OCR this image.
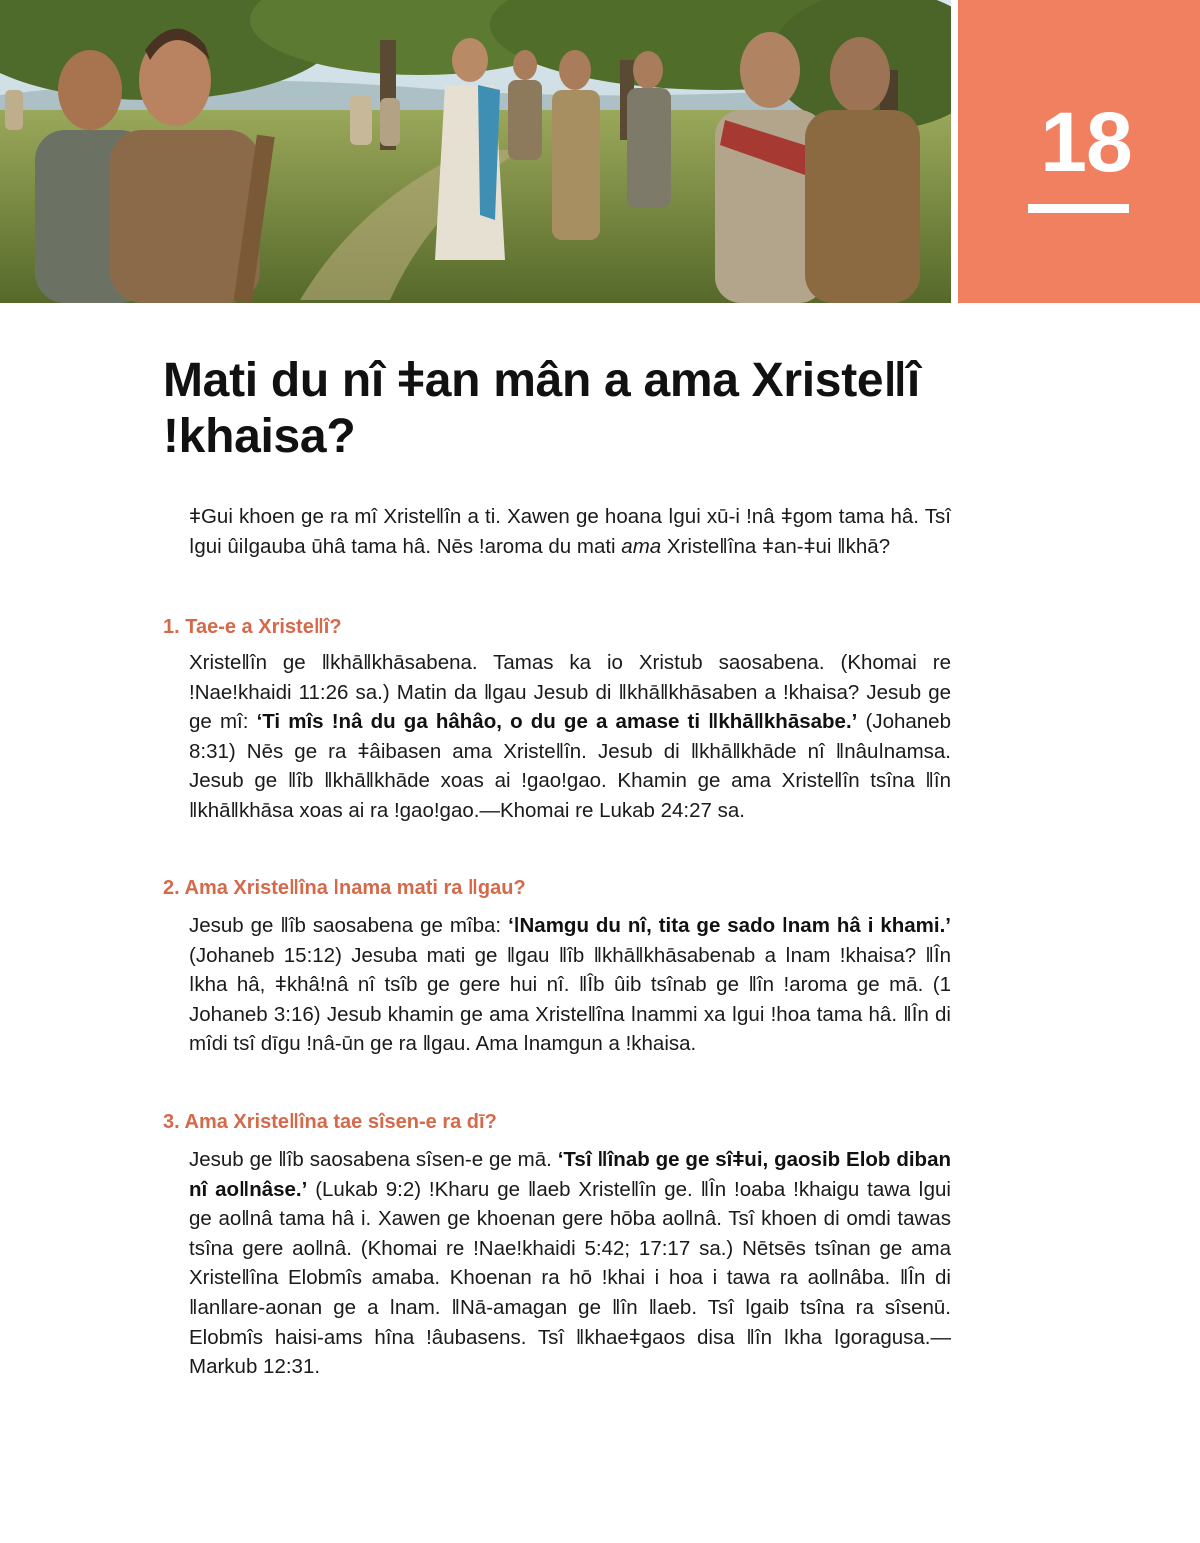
18
Mati du nî ǂan mân a ama Xristeǁî !khaisa?

ǂGui khoen ge ra mî Xristeǁîn a ti. Xawen ge hoana ǀgui xū-i !nâ ǂgom tama hâ. Tsî ǀgui ûiǀgauba ūhâ tama hâ. Nēs !aroma du mati ama Xristeǁîna ǂan-ǂui ǁkhā?

1. Tae-e a Xristeǁî?

Xristeǁîn ge ǁkhāǁkhāsabena. Tamas ka io Xristub saosabena. (Khomai re !Nae!khaidi 11:26 sa.) Matin da ǁgau Jesub di ǁkhāǁkhāsaben a !khaisa? Jesub ge ge mî: ‘Ti mîs !nâ du ga hâhâo, o du ge a amase ti ǁkhāǁkhāsabe.’ (Johaneb 8:31) Nēs ge ra ǂâibasen ama Xristeǁîn. Jesub di ǁkhāǁkhāde nî ǁnâuǀnamsa. Jesub ge ǁîb ǁkhāǁkhāde xoas ai !gao!gao. Khamin ge ama Xristeǁîn tsîna ǁîn ǁkhāǁkhāsa xoas ai ra !gao!gao.—Khomai re Lukab 24:27 sa.

2. Ama Xristeǁîna ǀnama mati ra ǁgau?

Jesub ge ǁîb saosabena ge mîba: ‘ǀNamgu du nî, tita ge sado ǀnam hâ i khami.’ (Johaneb 15:12) Jesuba mati ge ǁgau ǁîb ǁkhāǁkhāsabenab a ǀnam !khaisa? ǁÎn ǀkha hâ, ǂkhâ!nâ nî tsîb ge gere hui nî. ǁÎb ûib tsînab ge ǁîn !aroma ge mā. (1 Johaneb 3:16) Jesub khamin ge ama Xristeǁîna ǀnammi xa ǀgui !hoa tama hâ. ǁÎn di mîdi tsî dīgu !nâ-ūn ge ra ǁgau. Ama ǀnamgun a !khaisa.

3. Ama Xristeǁîna tae sîsen-e ra dī?

Jesub ge ǁîb saosabena sîsen-e ge mā. ‘Tsî ǁînab ge ge sîǂui, gaosib Elob diban nî aoǁnâse.’ (Lukab 9:2) !Kharu ge ǁaeb Xristeǁîn ge. ǁÎn !oaba !khaigu tawa ǀgui ge aoǁnâ tama hâ i. Xawen ge khoenan gere hōba aoǁnâ. Tsî khoen di omdi tawas tsîna gere aoǁnâ. (Khomai re !Nae!khaidi 5:42; 17:17 sa.) Nētsēs tsînan ge ama Xristeǁîna Elobmîs amaba. Khoenan ra hō !khai i hoa i tawa ra aoǁnâba. ǁÎn di ǁanǁare-aonan ge a ǀnam. ǁNā-amagan ge ǁîn ǁaeb. Tsî ǀgaib tsîna ra sîsenū. Elobmîs haisi-ams hîna !âubasens. Tsî ǁkhaeǂgaos disa ǁîn ǀkha ǀgoragusa.—Markub 12:31.
